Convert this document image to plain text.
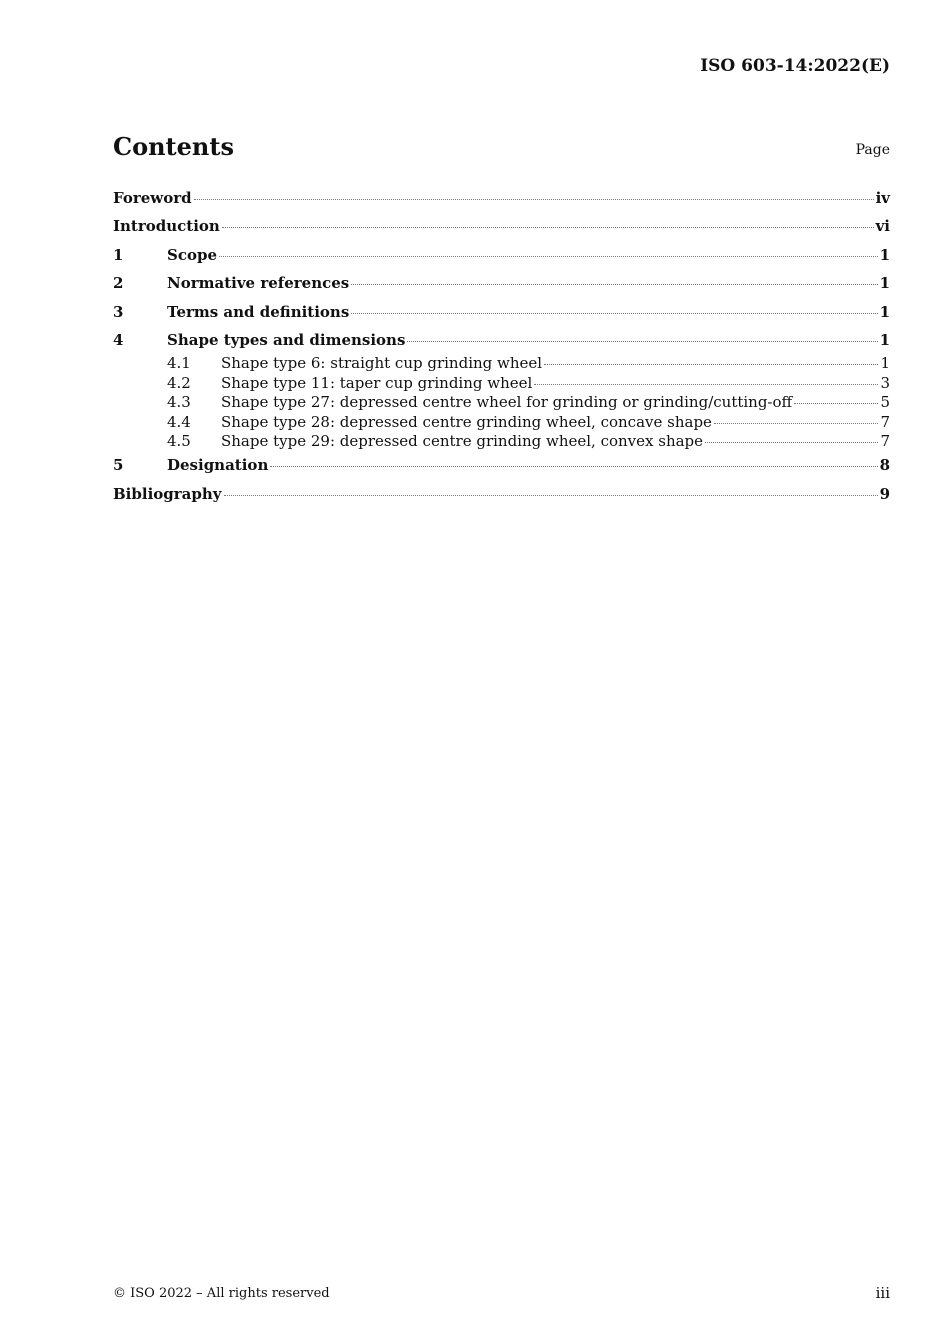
ISO 603-14:2022(E)
Contents	Page
Foreword	iv
Introduction	vi
1	Scope	1
2	Normative references	1
3	Terms and definitions	1
4	Shape types and dimensions	1
4.1	Shape type 6: straight cup grinding wheel	1
4.2	Shape type 11: taper cup grinding wheel	3
4.3	Shape type 27: depressed centre wheel for grinding or grinding/cutting-off	5
4.4	Shape type 28: depressed centre grinding wheel, concave shape	7
4.5	Shape type 29: depressed centre grinding wheel, convex shape	7
5	Designation	8
Bibliography	9
© ISO 2022 – All rights reserved	iii
